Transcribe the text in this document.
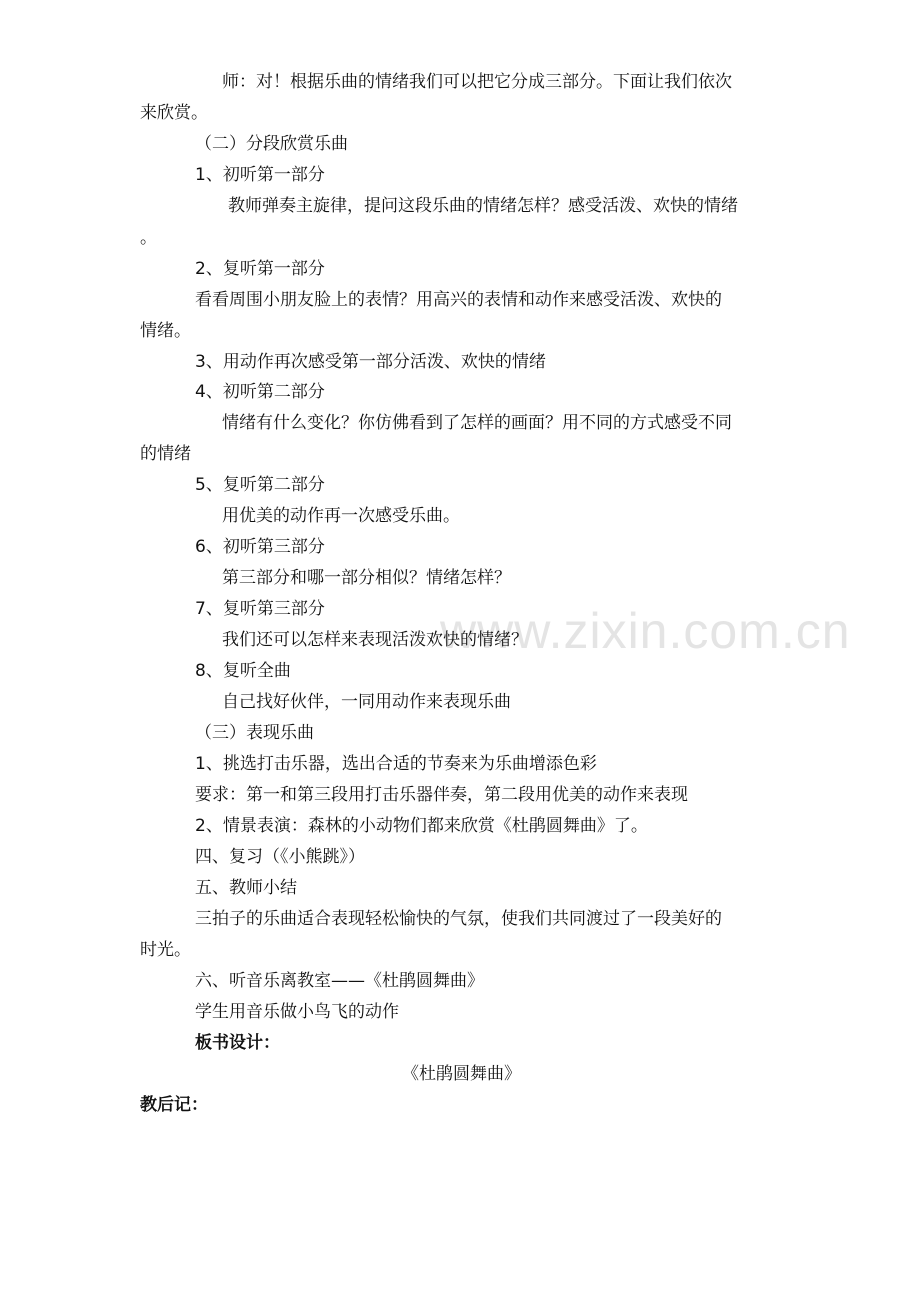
www.zixin.com.cn
师：对！根据乐曲的情绪我们可以把它分成三部分。下面让我们依次
来欣赏。
（二）分段欣赏乐曲
1、初听第一部分
教师弹奏主旋律，提问这段乐曲的情绪怎样？感受活泼、欢快的情绪
。
2、复听第一部分
看看周围小朋友脸上的表情？用高兴的表情和动作来感受活泼、欢快的
情绪。
3、用动作再次感受第一部分活泼、欢快的情绪
4、初听第二部分
情绪有什么变化？你仿佛看到了怎样的画面？用不同的方式感受不同
的情绪
5、复听第二部分
用优美的动作再一次感受乐曲。
6、初听第三部分
第三部分和哪一部分相似？情绪怎样？
7、复听第三部分
我们还可以怎样来表现活泼欢快的情绪？
8、复听全曲
自己找好伙伴，一同用动作来表现乐曲
（三）表现乐曲
1、挑选打击乐器，选出合适的节奏来为乐曲增添色彩
要求：第一和第三段用打击乐器伴奏，第二段用优美的动作来表现
2、情景表演：森林的小动物们都来欣赏《杜鹃圆舞曲》了。
四、复习（《小熊跳》）
五、教师小结
三拍子的乐曲适合表现轻松愉快的气氛，使我们共同渡过了一段美好的
时光。
六、听音乐离教室——《杜鹃圆舞曲》
学生用音乐做小鸟飞的动作
板书设计：
《杜鹃圆舞曲》
教后记：
